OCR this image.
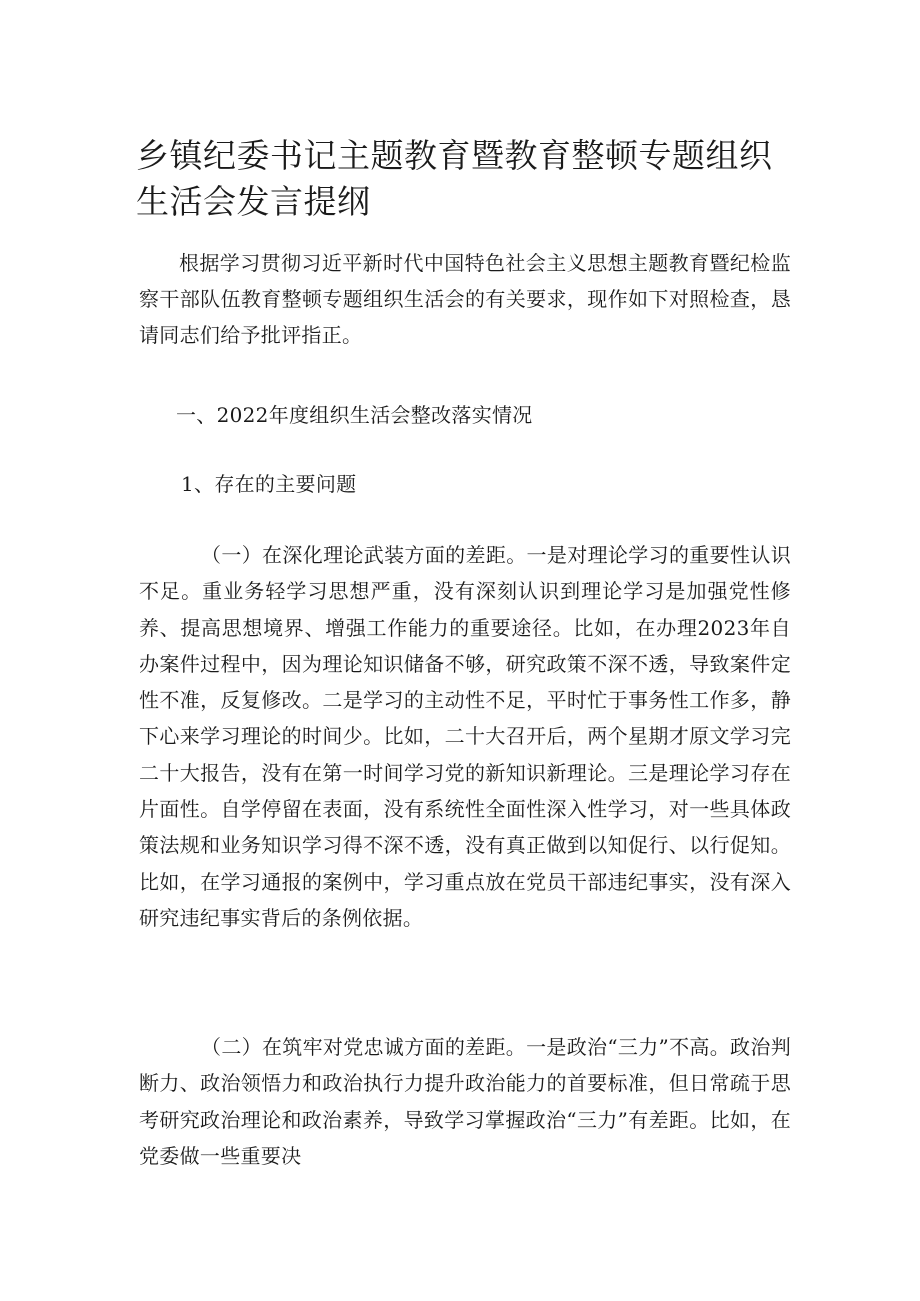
乡镇纪委书记主题教育暨教育整顿专题组织生活会发言提纲

根据学习贯彻习近平新时代中国特色社会主义思想主题教育暨纪检监察干部队伍教育整顿专题组织生活会的有关要求，现作如下对照检查，恳请同志们给予批评指正。

一、2022年度组织生活会整改落实情况

1、存在的主要问题

（一）在深化理论武装方面的差距。一是对理论学习的重要性认识不足。重业务轻学习思想严重，没有深刻认识到理论学习是加强党性修养、提高思想境界、增强工作能力的重要途径。比如，在办理2023年自办案件过程中，因为理论知识储备不够，研究政策不深不透，导致案件定性不准，反复修改。二是学习的主动性不足，平时忙于事务性工作多，静下心来学习理论的时间少。比如，二十大召开后，两个星期才原文学习完二十大报告，没有在第一时间学习党的新知识新理论。三是理论学习存在片面性。自学停留在表面，没有系统性全面性深入性学习，对一些具体政策法规和业务知识学习得不深不透，没有真正做到以知促行、以行促知。比如，在学习通报的案例中，学习重点放在党员干部违纪事实，没有深入研究违纪事实背后的条例依据。

（二）在筑牢对党忠诚方面的差距。一是政治“三力”不高。政治判断力、政治领悟力和政治执行力提升政治能力的首要标准，但日常疏于思考研究政治理论和政治素养，导致学习掌握政治“三力”有差距。比如，在党委做一些重要决
